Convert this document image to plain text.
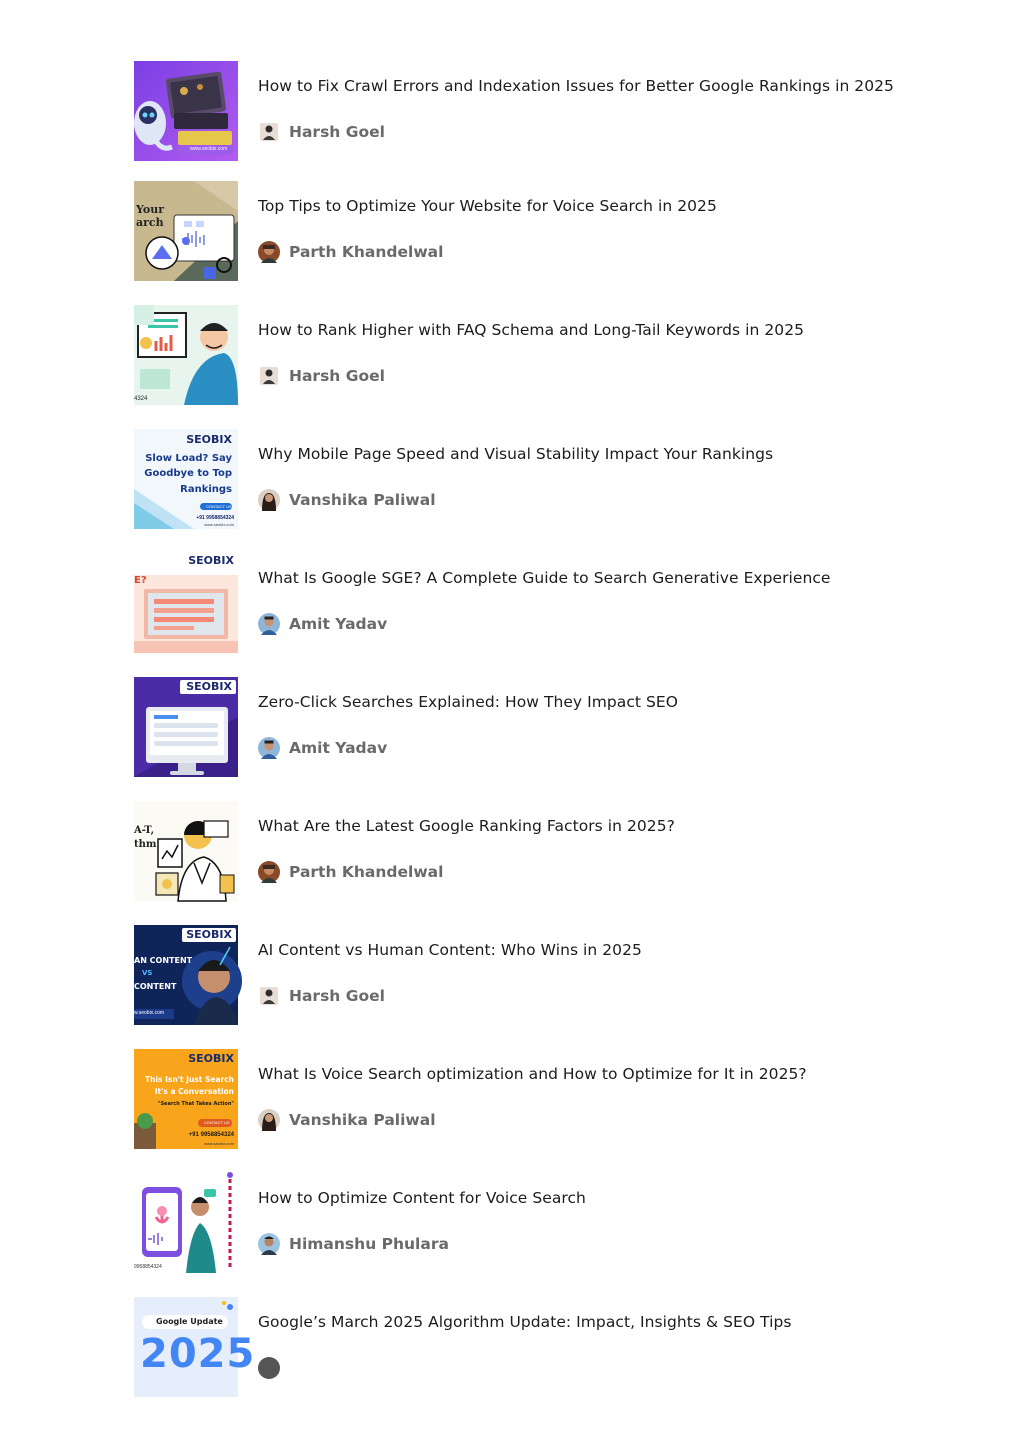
www.seobix.com
How to Fix Crawl Errors and Indexation Issues for Better Google Rankings in 2025
Harsh Goel
Your
arch
Top Tips to Optimize Your Website for Voice Search in 2025
Parth Khandelwal
4324
How to Rank Higher with FAQ Schema and Long-Tail Keywords in 2025
Harsh Goel
SEOBIX
Slow Load? Say
Goodbye to Top
Rankings
CONTACT US
+91 9958854324
www.seobix.com
Why Mobile Page Speed and Visual Stability Impact Your Rankings
Vanshika Paliwal
SEOBIX
E?	What Is Google SGE? A Complete Guide to Search Generative Experience
Amit Yadav
SEOBIX
Zero-Click Searches Explained: How They Impact SEO
Amit Yadav
A-T,
thm
What Are the Latest Google Ranking Factors in 2025?
Parth Khandelwal
SEOBIX
AN CONTENT
VS
CONTENT
w.seobix.com
AI Content vs Human Content: Who Wins in 2025
Harsh Goel
SEOBIX
This Isn't Just Search
It's a Conversation
"Search That Takes Action"
CONTACT US
+91 9958854324
www.seobix.com
What Is Voice Search optimization and How to Optimize for It in 2025?
Vanshika Paliwal
9958854324
How to Optimize Content for Voice Search
Himanshu Phulara
Google Update
2025
Google’s March 2025 Algorithm Update: Impact, Insights & SEO Tips
